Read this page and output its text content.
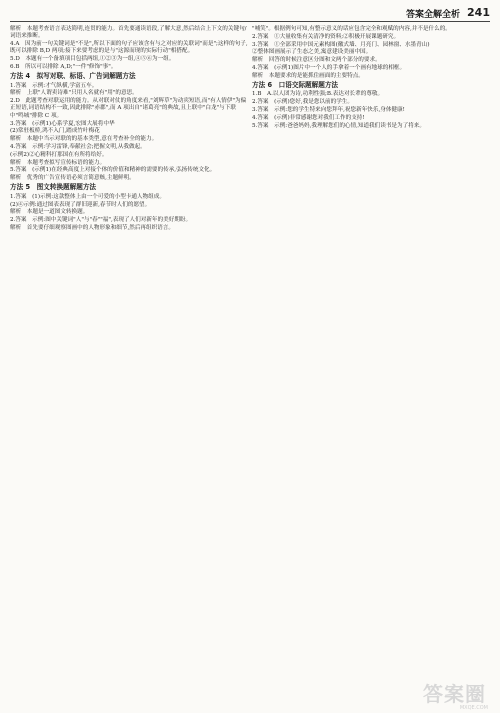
答案全解全析 241

解析　本题考查语言表达简明,连贯的能力。首先要通读语段,了解大意,然后结合上下文的关键句/词语来推断。

4.A　因为前一句关键词是"不是",所以下面的句子应该含有与之对应的关联词"而是";这样的句子,既可以排除 B,D 两项;接下来要考虑的是与"这源而现的实际行动"相搭配。

5.D　本题有一个备填项目包括两组,①②③为一组,④⑤⑥为一组。

6.B　所以可以排除 A,D;"一件"修饰"事"。

方法 4　拟写对联、标语、广告词解题方法

1.答案　示例:才气纵横,学富五车。

解析　上联"人谓卖诗难"只用人名就有"用"的意思。

2.D　此题考查对联运用的能力。从对联对仗的角度来看,"刘辉草"为动宾短语,而"有人情伊"为偏正短语,词语结构不一致,因此排除"赤郡",而 A 项出自"诸葛亮"的典故,且上联中"白龙"与下联中"鸣城"排除 C 项。

3.答案　(示例1)心系学夏,宏图大展将中华

(2)常驻板桥,鸿不入门,踏成竹叶梅花

解析　本题中当示对联的的基本类型,意在考查补全的能力。

4.答案　示例:学习雷锋,奉献社会;把握文明,从我做起。

(示例2)②心精科打那国在有所将给好。

解析　本题考查拟写宣传标语的能力。

5.答案　(示例1)在经典高度上对接个体的价值和精神的需要的传承,弘扬传统文化。

解析　优秀的广告宣传语必须言简意赅,主题鲜明。

方法 5　图文转换题解题方法

1.答案　(1)示例:这款整体上由一个可爱的小型卡通人物组成。

(2)④示例:通过图表表现了群旧迎新,春节时人们的愿望。

解析　本题是一道图文转换题。

2.答案　示例:图中关键词"人"与"春""福",表现了人们对新年的美好期盼。

解析　首先要仔细观察图画中的人物形象和细节,然后再组织语言。

"哺笑"。根据例句可知,有整示意义的话应包含完全和观赋的内容,并不是什么的。

2.答案　①大量收集有关清净的资料;②积极开展课题研究。

3.答案　①全部采用中国元素构图(徽式墙、月亮门、园林窗、水墨青山)

②整体图画展示了生态之美,寓意建设美丽中国。

解析　回答的时候注意区分图和文两个部分的要求。

4.答案　(示例1)图片中一个人的手拿着一个画有地球的相框。

解析　本题要求的是能抓住画面的主要特点。

方法 6　口语交际题解题方法

1.B　A.以人团为诗,功利性强;B.表达对长辈的尊敬。

2.答案　(示例)您好,我是您以前的学生。

3.答案　示例:您的学生特来向您拜年,祝您新年快乐,身体健康!

4.答案　(示例)非常感谢您对我们工作的支持!

5.答案　示例:爸爸妈妈,我理解您们的心情,知道我们读书是为了将来。

答案圈
MXQE.COM
